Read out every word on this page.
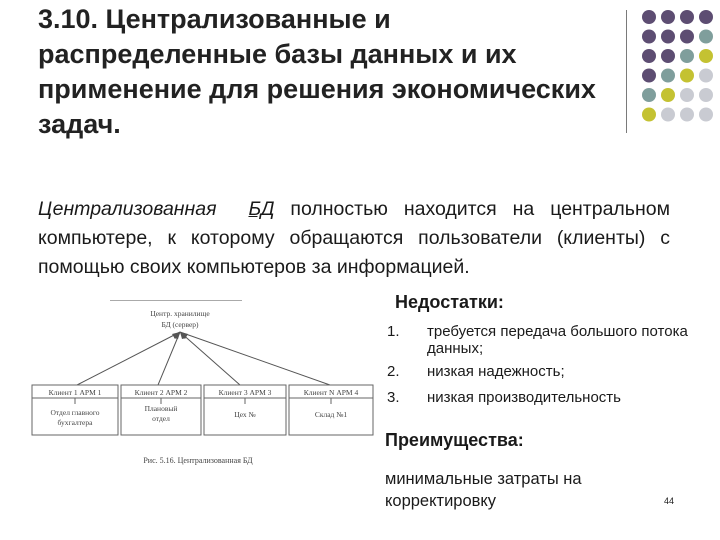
3.10. Централизованные и распределенные базы данных и их применение для решения экономических задач.
Централизованная БД полностью находится на центральном компьютере, к которому обращаются пользователи (клиенты) с помощью своих компьютеров за информацией.
Центр. хранилище
БД (сервер)
Клиент 1 АРМ 1	Клиент 2 АРМ 2	Клиент 3 АРМ 3	Клиент N АРМ 4
Отдел главного
бухгалтера
Плановый
отдел	Цех №	Склад №1
Рис. 5.16. Централизованная БД
Недостатки:
1. требуется передача большого потока данных;
2. низкая надежность;
3. низкая производительность
Преимущества:
минимальные затраты на корректировку	44
